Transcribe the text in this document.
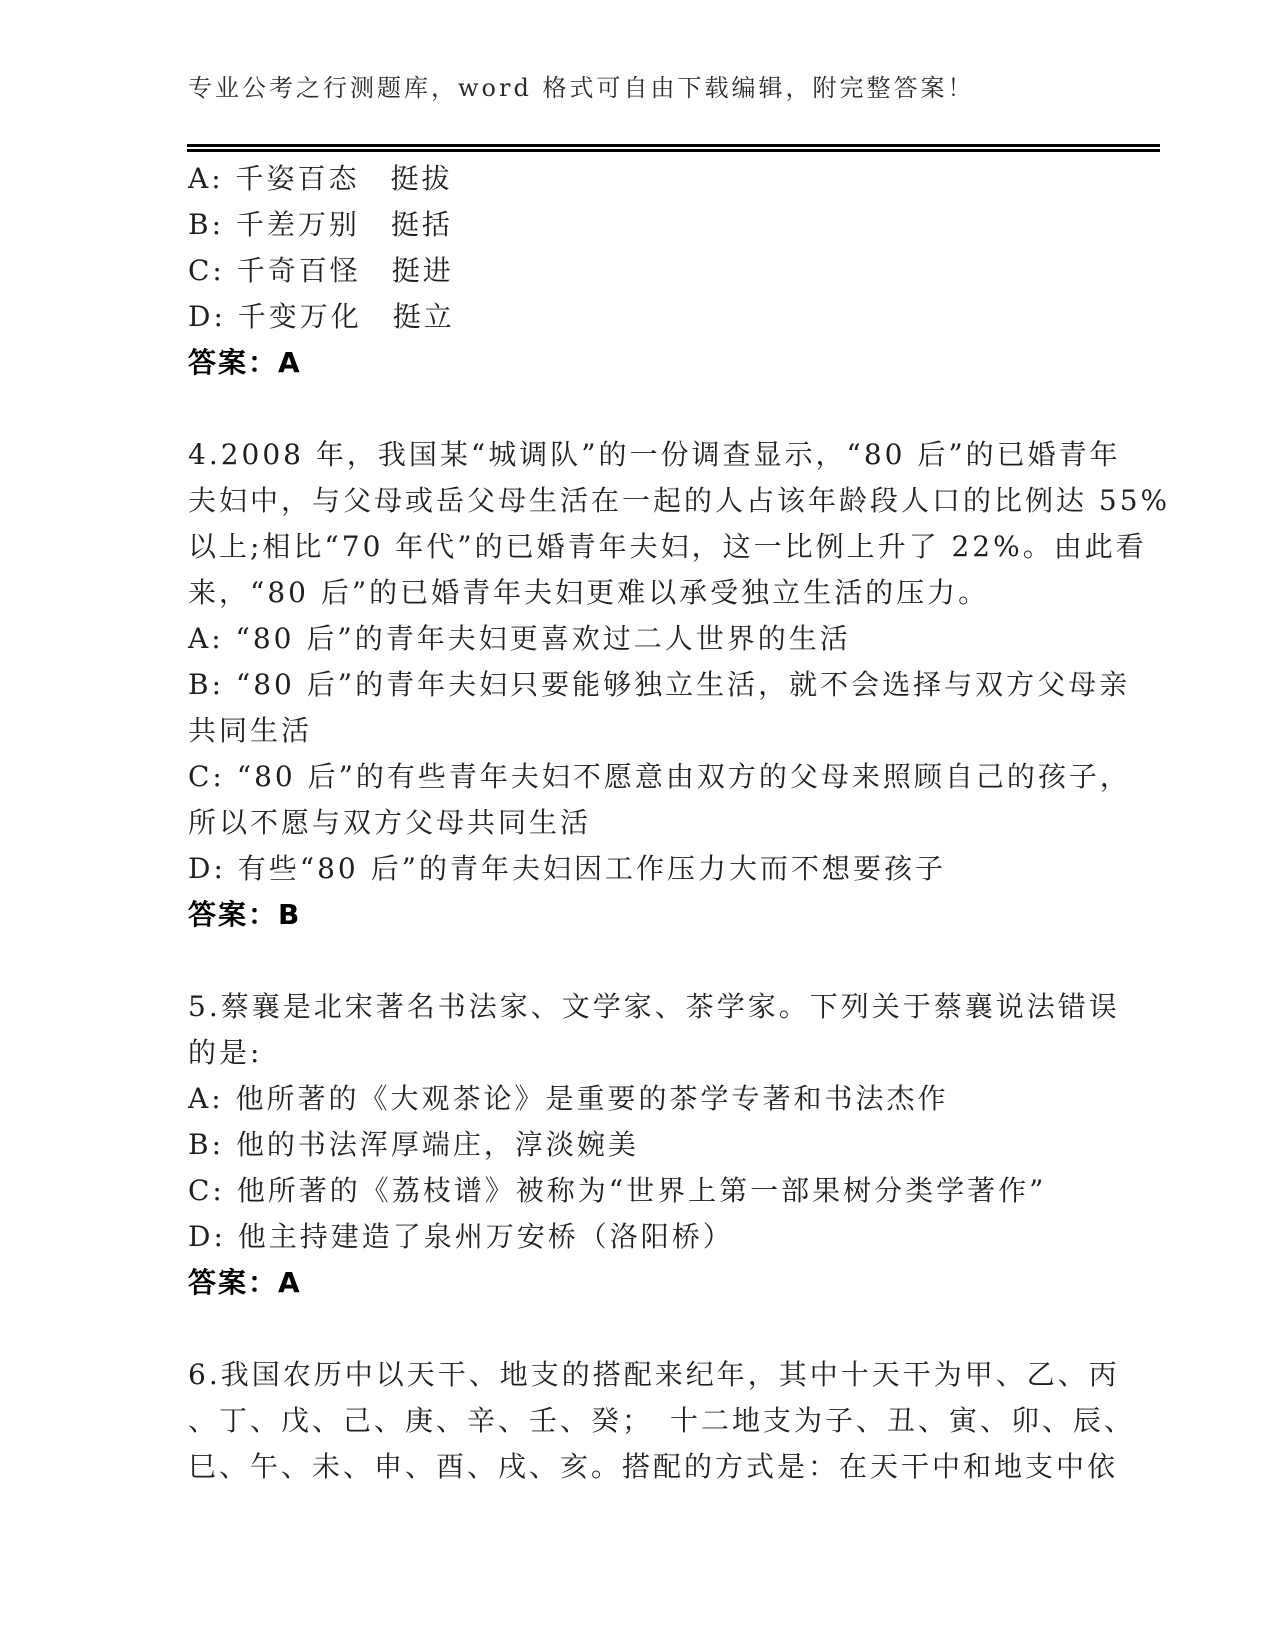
专业公考之行测题库，word 格式可自由下载编辑，附完整答案！
A: 千姿百态　挺拔
B: 千差万别　挺括
C: 千奇百怪　挺进
D: 千变万化　挺立
答案：A
4.2008 年，我国某“城调队”的一份调查显示，“80 后”的已婚青年
夫妇中，与父母或岳父母生活在一起的人占该年龄段人口的比例达 55%
以上;相比“70 年代”的已婚青年夫妇，这一比例上升了 22%。由此看
来，“80 后”的已婚青年夫妇更难以承受独立生活的压力。
A: “80 后”的青年夫妇更喜欢过二人世界的生活
B: “80 后”的青年夫妇只要能够独立生活，就不会选择与双方父母亲
共同生活
C: “80 后”的有些青年夫妇不愿意由双方的父母来照顾自己的孩子，
所以不愿与双方父母共同生活
D: 有些“80 后”的青年夫妇因工作压力大而不想要孩子
答案：B
5.蔡襄是北宋著名书法家、文学家、茶学家。下列关于蔡襄说法错误
的是:
A: 他所著的《大观茶论》是重要的茶学专著和书法杰作
B: 他的书法浑厚端庄，淳淡婉美
C: 他所著的《荔枝谱》被称为“世界上第一部果树分类学著作”
D: 他主持建造了泉州万安桥（洛阳桥）
答案：A
6.我国农历中以天干、地支的搭配来纪年，其中十天干为甲、乙、丙
、丁、戊、己、庚、辛、壬、癸；　十二地支为子、丑、寅、卯、辰、
巳、午、未、申、酉、戌、亥。搭配的方式是：在天干中和地支中依
